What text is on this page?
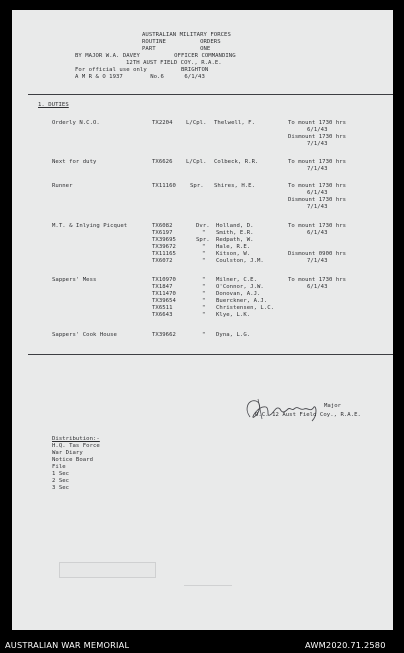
AUSTRALIAN MILITARY FORCES
ROUTINE          ORDERS
PART             ONE
BY MAJOR W.A. DAVEY          OFFICER COMMANDING
12TH AUST FIELD COY., R.A.E.
For official use only          BRIGHTON
A M R & O 1937        No.6      6/1/43
1. DUTIES
Orderly N.C.O.	TX2204 L/Cpl. Thelwell, F.	To mount 1730 hrs
6/1/43
Dismount 1730 hrs
7/1/43
Next for duty	TX6626 L/Cpl. Colbeck, R.R.	To mount 1730 hrs
7/1/43
Runner	TX11160	Spr. Shires, H.E.	To mount 1730 hrs
6/1/43
Dismount 1730 hrs
7/1/43
M.T. & Inlying Picquet	TX6082	Dvr. Holland, D.
TX6197	" Smith, E.R.
TX39695	Spr. Redpath, W.
TX39672	" Hale, R.E.
TX11165	" Kitson, W.
TX6072	" Coulston, J.M.
To mount 1730 hrs
6/1/43
Dismount 0900 hrs
7/1/43
Sappers' Mess	TX10970	" Milner, C.E.
TX1847	" O'Connor, J.W.
TX11470	" Donovan, A.J.
TX39654	" Buerckner, A.J.
TX6511	" Christensen, L.C.
TX6643	" Klye, L.K.
To mount 1730 hrs
6/1/43
Sappers' Cook House	TX39662	" Dyna, L.G.
Major
O.C. 12 Aust Field Coy., R.A.E.
Distribution:-
H.Q. Tas Force
War Diary
Notice Board
File
1 Sec
2 Sec
3 Sec
AUSTRALIAN WAR MEMORIAL	AWM2020.71.2580
